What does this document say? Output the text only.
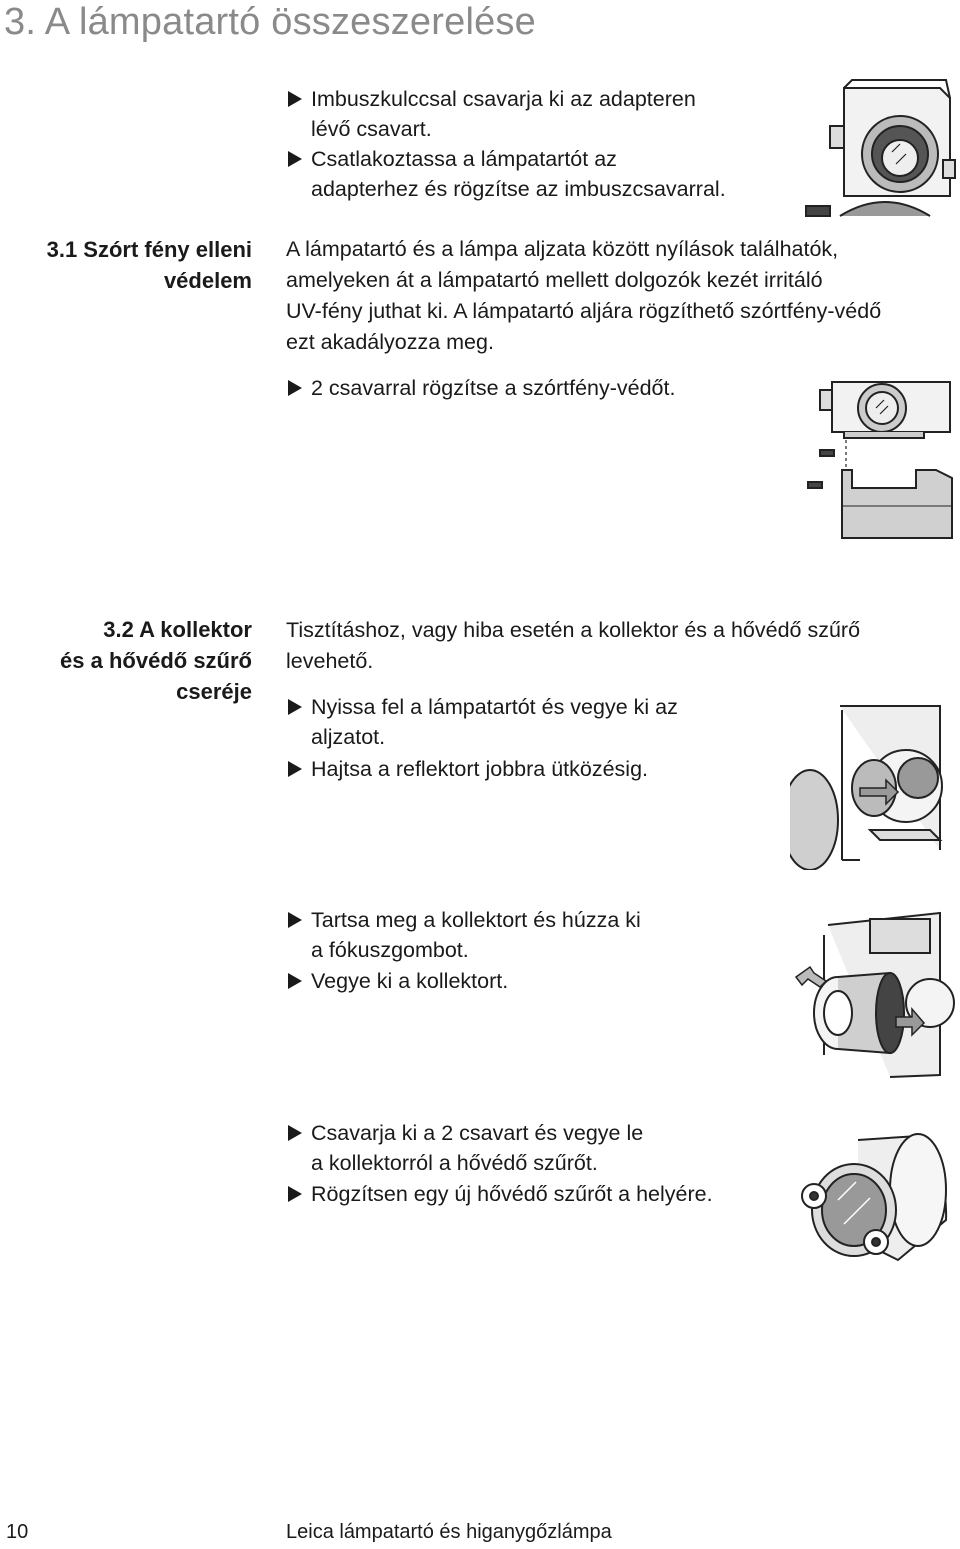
3. A lámpatartó összeszerelése
Imbuszkulccsal csavarja ki az adapteren
lévő csavart.
Csatlakoztassa a lámpatartót az
adapterhez és rögzítse az imbuszcsavarral.
3.1 Szórt fény elleni
védelem
A lámpatartó és a lámpa aljzata között nyílások találhatók,
amelyeken át a lámpatartó mellett dolgozók kezét irritáló
UV-fény juthat ki. A lámpatartó aljára rögzíthető szórtfény-védő
ezt akadályozza meg.
2 csavarral rögzítse a szórtfény-védőt.
3.2 A kollektor
és a hővédő szűrő
cseréje
Tisztításhoz, vagy hiba esetén a kollektor és a hővédő szűrő
levehető.
Nyissa fel a lámpatartót és vegye ki az
aljzatot.
Hajtsa a reflektort jobbra ütközésig.
Tartsa meg a kollektort és húzza ki
a fókuszgombot.
Vegye ki a kollektort.
Csavarja ki a 2 csavart és vegye le
a kollektorról a hővédő szűrőt.
Rögzítsen egy új hővédő szűrőt a helyére.
10	Leica lámpatartó és higanygőzlámpa
